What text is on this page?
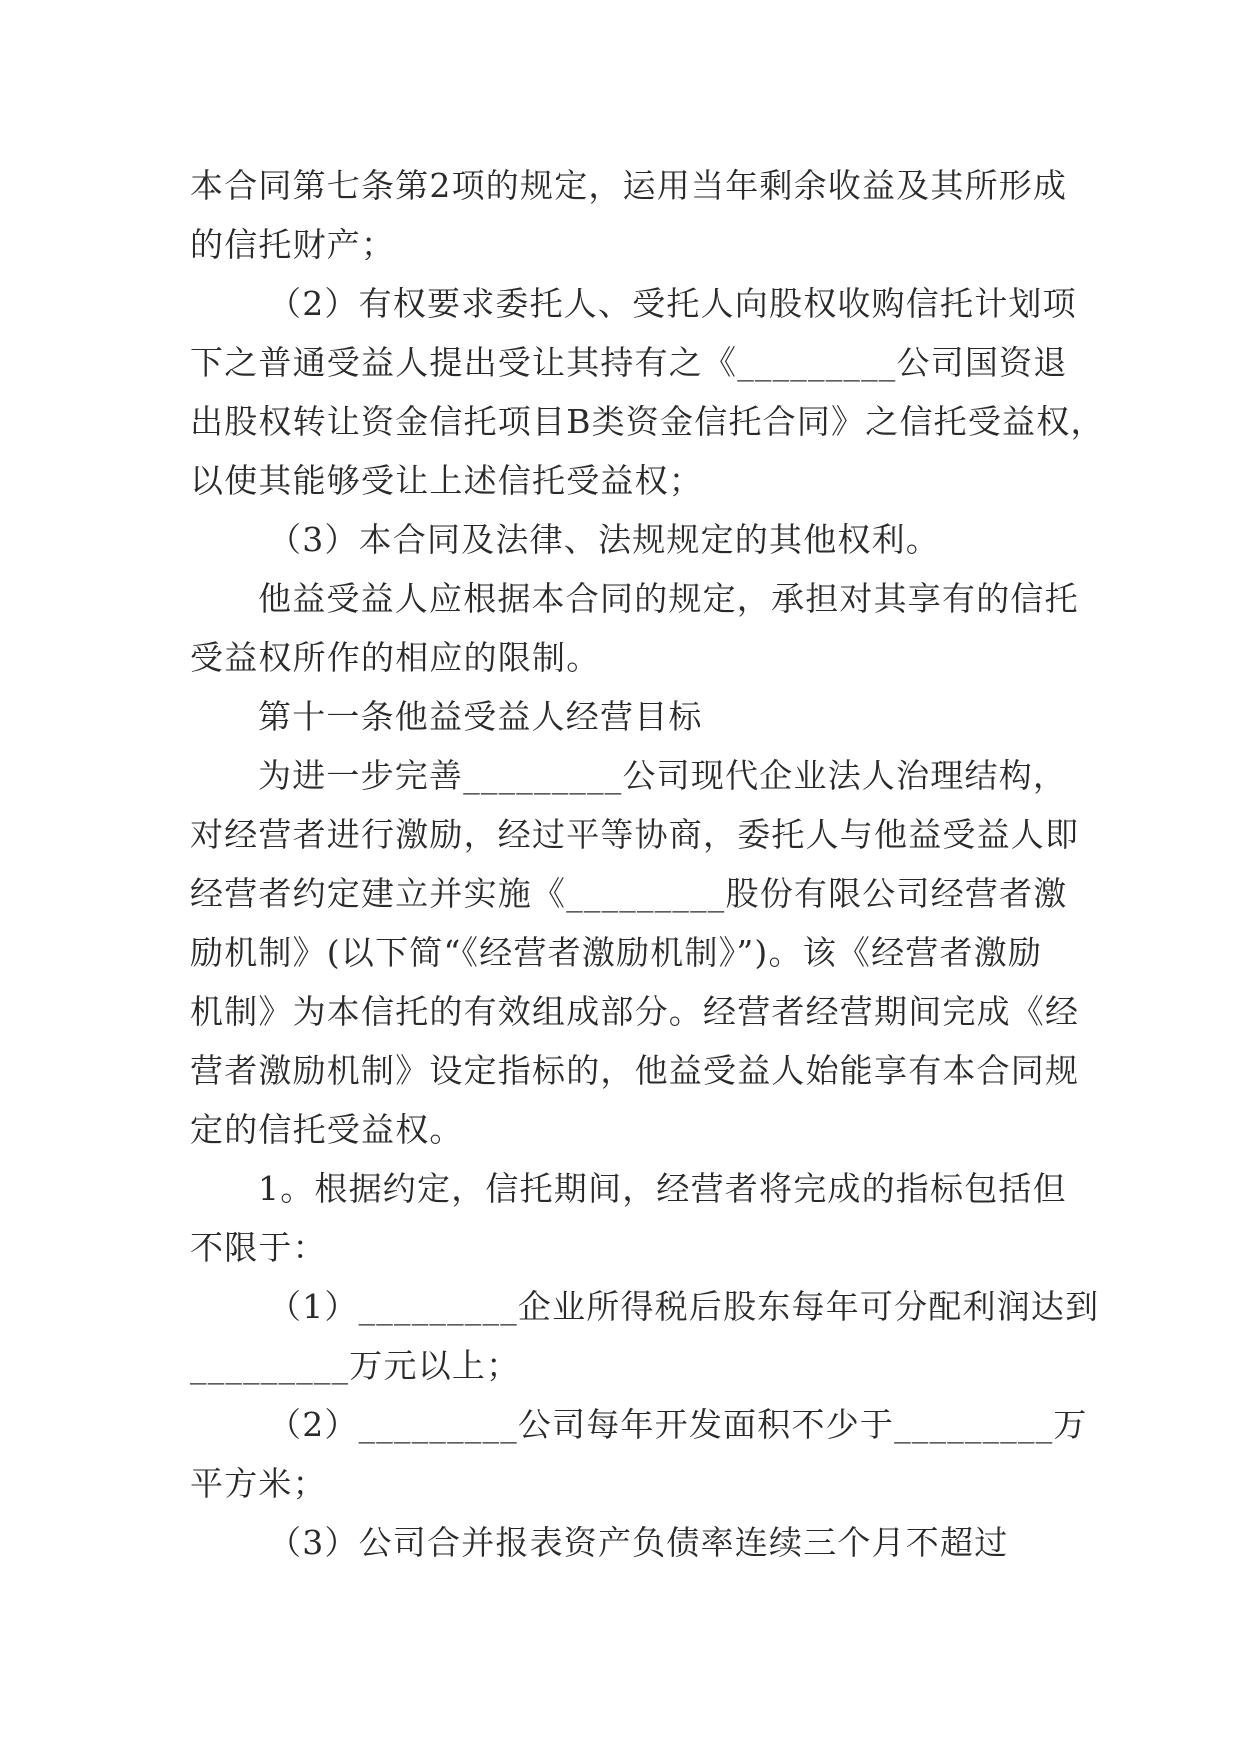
本合同第七条第2项的规定，运用当年剩余收益及其所形成
的信托财产；
（2）有权要求委托人、受托人向股权收购信托计划项
下之普通受益人提出受让其持有之《_________公司国资退
出股权转让资金信托项目B类资金信托合同》之信托受益权，
以使其能够受让上述信托受益权；
（3）本合同及法律、法规规定的其他权利。
他益受益人应根据本合同的规定，承担对其享有的信托
受益权所作的相应的限制。
第十一条他益受益人经营目标
为进一步完善_________公司现代企业法人治理结构，
对经营者进行激励，经过平等协商，委托人与他益受益人即
经营者约定建立并实施《_________股份有限公司经营者激
励机制》(以下简“《经营者激励机制》”)。该《经营者激励
机制》为本信托的有效组成部分。经营者经营期间完成《经
营者激励机制》设定指标的，他益受益人始能享有本合同规
定的信托受益权。
1。根据约定，信托期间，经营者将完成的指标包括但
不限于：
（1）_________企业所得税后股东每年可分配利润达到
_________万元以上；
（2）_________公司每年开发面积不少于_________万
平方米；
（3）公司合并报表资产负债率连续三个月不超过
